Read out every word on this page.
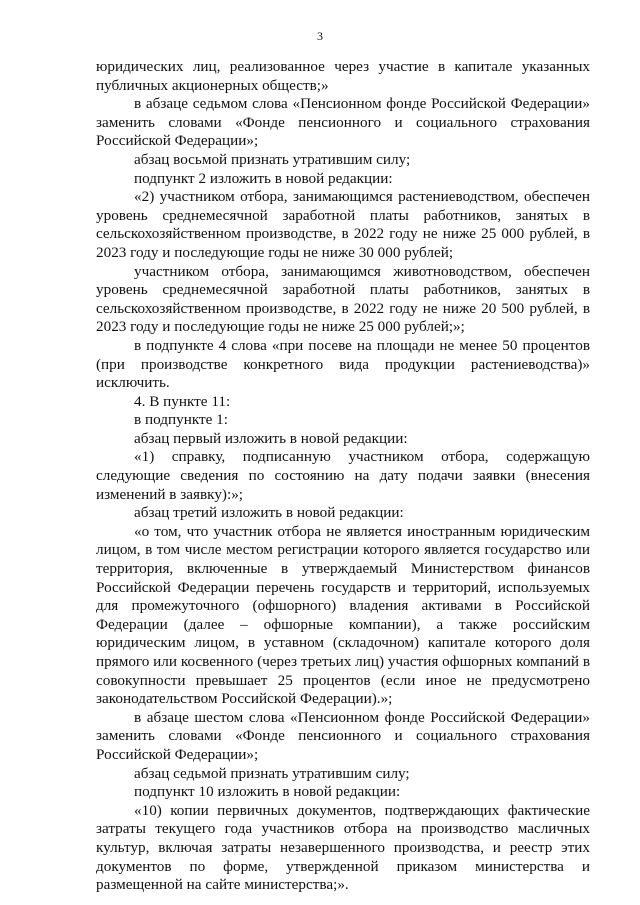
3

юридических лиц, реализованное через участие в капитале указанных публичных акционерных обществ;»

в абзаце седьмом слова «Пенсионном фонде Российской Федерации» заменить словами «Фонде пенсионного и социального страхования Российской Федерации»;

абзац восьмой признать утратившим силу;

подпункт 2 изложить в новой редакции:

«2) участником отбора, занимающимся растениеводством, обеспечен уровень среднемесячной заработной платы работников, занятых в сельскохозяйственном производстве, в 2022 году не ниже 25 000 рублей, в 2023 году и последующие годы не ниже 30 000 рублей;

участником отбора, занимающимся животноводством, обеспечен уровень среднемесячной заработной платы работников, занятых в сельскохозяйственном производстве, в 2022 году не ниже 20 500 рублей, в 2023 году и последующие годы не ниже 25 000 рублей;»;

в подпункте 4 слова «при посеве на площади не менее 50 процентов (при производстве конкретного вида продукции растениеводства)» исключить.

4. В пункте 11:

в подпункте 1:

абзац первый изложить в новой редакции:

«1) справку, подписанную участником отбора, содержащую следующие сведения по состоянию на дату подачи заявки (внесения изменений в заявку):»;

абзац третий изложить в новой редакции:

«о том, что участник отбора не является иностранным юридическим лицом, в том числе местом регистрации которого является государство или территория, включенные в утверждаемый Министерством финансов Российской Федерации перечень государств и территорий, используемых для промежуточного (офшорного) владения активами в Российской Федерации (далее – офшорные компании), а также российским юридическим лицом, в уставном (складочном) капитале которого доля прямого или косвенного (через третьих лиц) участия офшорных компаний в совокупности превышает 25 процентов (если иное не предусмотрено законодательством Российской Федерации).»;

в абзаце шестом слова «Пенсионном фонде Российской Федерации» заменить словами «Фонде пенсионного и социального страхования Российской Федерации»;

абзац седьмой признать утратившим силу;

подпункт 10 изложить в новой редакции:

«10) копии первичных документов, подтверждающих фактические затраты текущего года участников отбора на производство масличных культур, включая затраты незавершенного производства, и реестр этих документов по форме, утвержденной приказом министерства и размещенной на сайте министерства;».
